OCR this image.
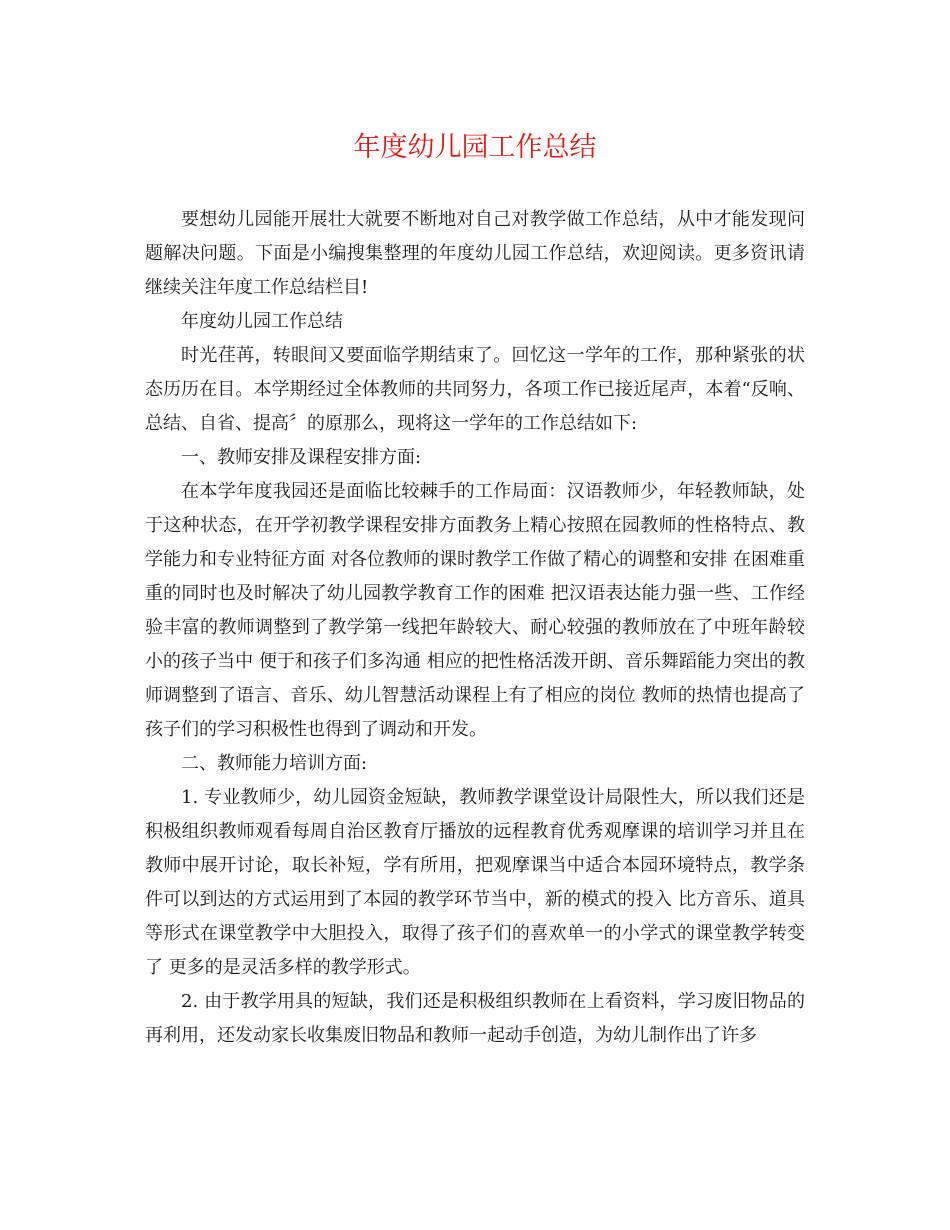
年度幼儿园工作总结

要想幼儿园能开展壮大就要不断地对自己对教学做工作总结，从中才能发现问题解决问题。下面是小编搜集整理的年度幼儿园工作总结，欢迎阅读。更多资讯请继续关注年度工作总结栏目!

年度幼儿园工作总结

时光荏苒，转眼间又要面临学期结束了。回忆这一学年的工作，那种紧张的状态历历在目。本学期经过全体教师的共同努力，各项工作已接近尾声，本着“反响、总结、自省、提高〞的原那么，现将这一学年的工作总结如下:

一、教师安排及课程安排方面:

在本学年度我园还是面临比较棘手的工作局面：汉语教师少，年轻教师缺，处于这种状态，在开学初教学课程安排方面教务上精心按照在园教师的性格特点、教学能力和专业特征方面 对各位教师的课时教学工作做了精心的调整和安排 在困难重重的同时也及时解决了幼儿园教学教育工作的困难 把汉语表达能力强一些、工作经验丰富的教师调整到了教学第一线把年龄较大、耐心较强的教师放在了中班年龄较小的孩子当中 便于和孩子们多沟通 相应的把性格活泼开朗、音乐舞蹈能力突出的教师调整到了语言、音乐、幼儿智慧活动课程上有了相应的岗位 教师的热情也提高了 孩子们的学习积极性也得到了调动和开发。

二、教师能力培训方面:

1. 专业教师少，幼儿园资金短缺，教师教学课堂设计局限性大，所以我们还是积极组织教师观看每周自治区教育厅播放的远程教育优秀观摩课的培训学习并且在教师中展开讨论，取长补短，学有所用，把观摩课当中适合本园环境特点，教学条件可以到达的方式运用到了本园的教学环节当中，新的模式的投入 比方音乐、道具等形式在课堂教学中大胆投入，取得了孩子们的喜欢单一的小学式的课堂教学转变了 更多的是灵活多样的教学形式。

2. 由于教学用具的短缺，我们还是积极组织教师在上看资料，学习废旧物品的再利用，还发动家长收集废旧物品和教师一起动手创造，为幼儿制作出了许多
